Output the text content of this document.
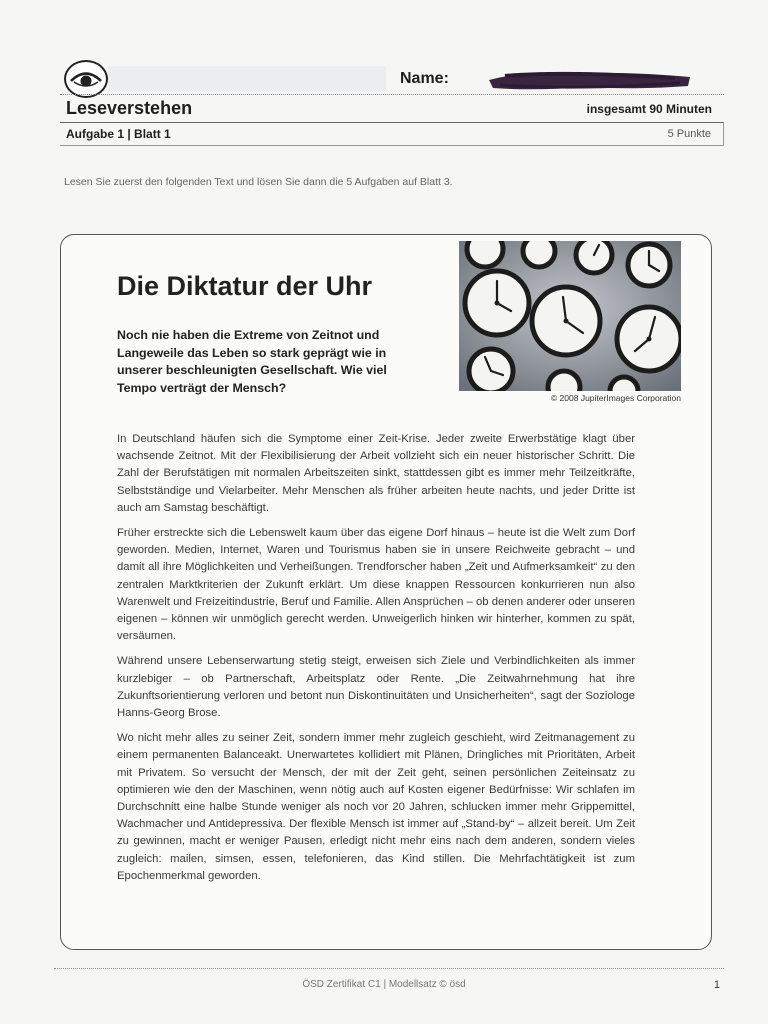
Name:
Leseverstehen	insgesamt 90 Minuten
Aufgabe 1 | Blatt 1	5 Punkte
Lesen Sie zuerst den folgenden Text und lösen Sie dann die 5 Aufgaben auf Blatt 3.
Die Diktatur der Uhr
Noch nie haben die Extreme von Zeitnot und Langeweile das Leben so stark geprägt wie in unserer beschleunigten Gesellschaft. Wie viel Tempo verträgt der Mensch?
© 2008 JupiterImages Corporation

In Deutschland häufen sich die Symptome einer Zeit-Krise. Jeder zweite Erwerbstätige klagt über wachsende Zeitnot. Mit der Flexibilisierung der Arbeit vollzieht sich ein neuer historischer Schritt. Die Zahl der Berufstätigen mit normalen Arbeitszeiten sinkt, stattdessen gibt es immer mehr Teilzeitkräfte, Selbstständige und Vielarbeiter. Mehr Menschen als früher arbeiten heute nachts, und jeder Dritte ist auch am Samstag beschäftigt.

Früher erstreckte sich die Lebenswelt kaum über das eigene Dorf hinaus – heute ist die Welt zum Dorf geworden. Medien, Internet, Waren und Tourismus haben sie in unsere Reichweite gebracht – und damit all ihre Möglichkeiten und Verheißungen. Trendforscher haben „Zeit und Aufmerksamkeit“ zu den zentralen Marktkriterien der Zukunft erklärt. Um diese knappen Ressourcen konkurrieren nun also Warenwelt und Freizeitindustrie, Beruf und Familie. Allen Ansprüchen – ob denen anderer oder unseren eigenen – können wir unmöglich gerecht werden. Unweigerlich hinken wir hinterher, kommen zu spät, versäumen.

Während unsere Lebenserwartung stetig steigt, erweisen sich Ziele und Verbindlichkeiten als immer kurzlebiger – ob Partnerschaft, Arbeitsplatz oder Rente. „Die Zeitwahrnehmung hat ihre Zukunftsorientierung verloren und betont nun Diskontinuitäten und Unsicherheiten“, sagt der Soziologe Hanns-Georg Brose.

Wo nicht mehr alles zu seiner Zeit, sondern immer mehr zugleich geschieht, wird Zeitmanagement zu einem permanenten Balanceakt. Unerwartetes kollidiert mit Plänen, Dringliches mit Prioritäten, Arbeit mit Privatem. So versucht der Mensch, der mit der Zeit geht, seinen persönlichen Zeiteinsatz zu optimieren wie den der Maschinen, wenn nötig auch auf Kosten eigener Bedürfnisse: Wir schlafen im Durchschnitt eine halbe Stunde weniger als noch vor 20 Jahren, schlucken immer mehr Grippemittel, Wachmacher und Antidepressiva. Der flexible Mensch ist immer auf „Stand-by“ – allzeit bereit. Um Zeit zu gewinnen, macht er weniger Pausen, erledigt nicht mehr eins nach dem anderen, sondern vieles zugleich: mailen, simsen, essen, telefonieren, das Kind stillen. Die Mehrfachtätigkeit ist zum Epochenmerkmal geworden.

ÖSD Zertifikat C1 | Modellsatz © ösd	1
